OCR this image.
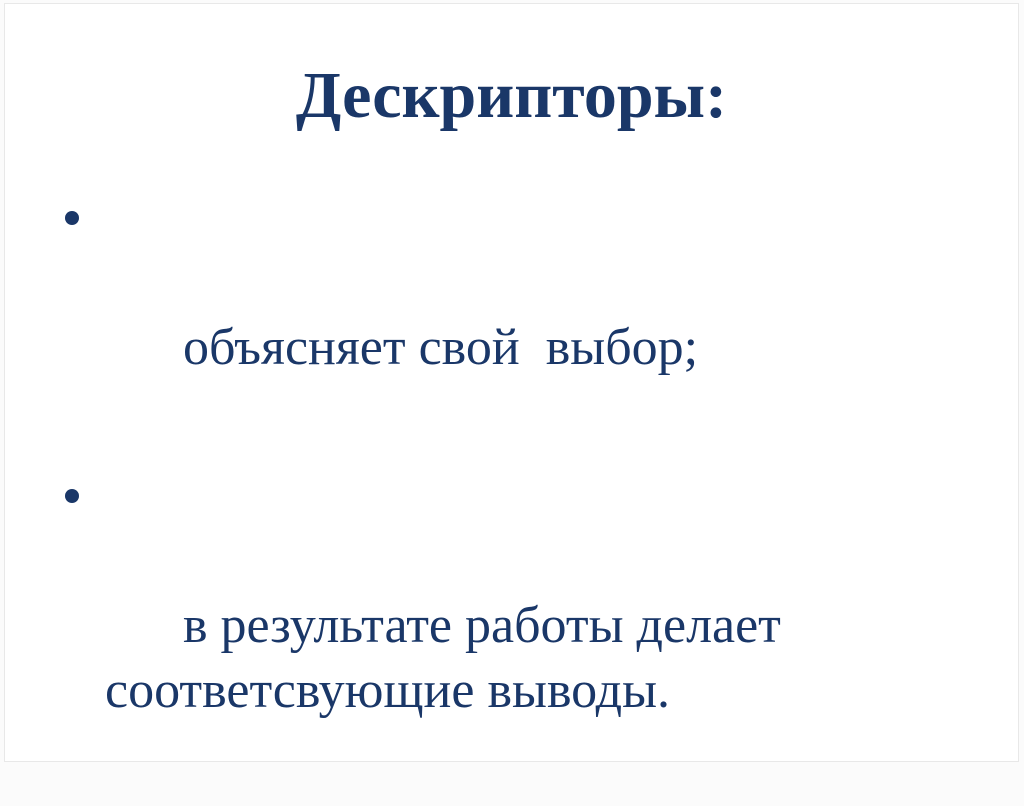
Дескрипторы:

объясняет свой  выбор;

в результате работы делает соответсвующие выводы.
